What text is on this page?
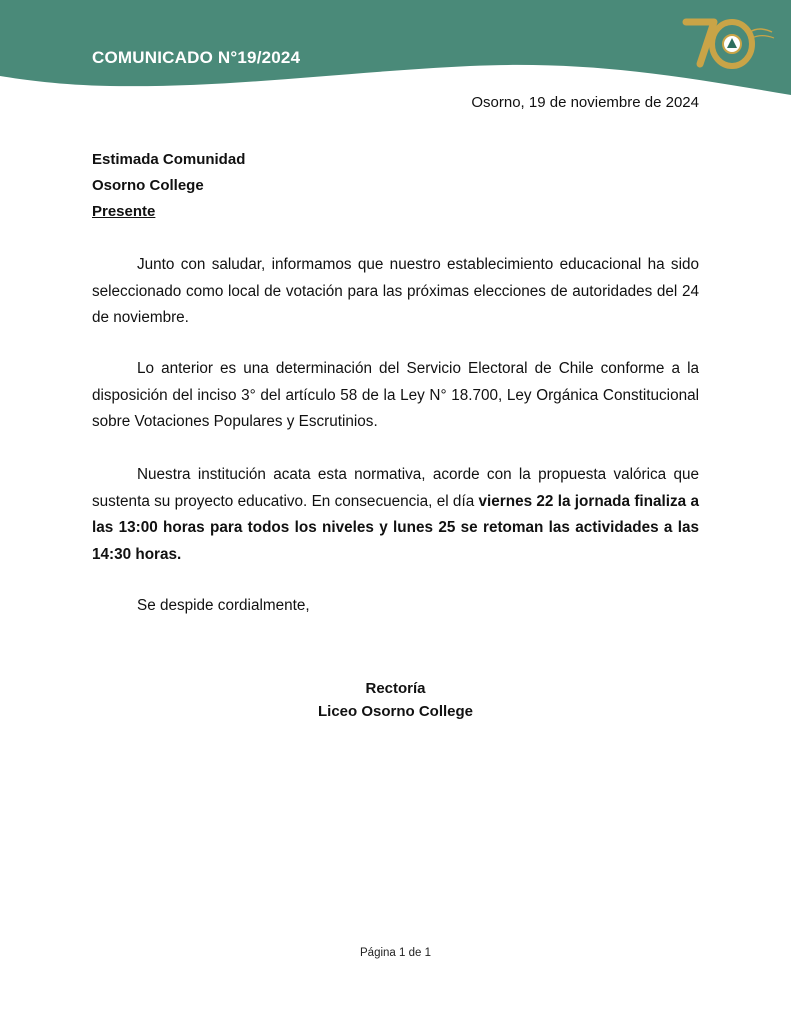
COMUNICADO N°19/2024
Osorno, 19 de noviembre de 2024
Estimada Comunidad
Osorno College
Presente

Junto con saludar, informamos que nuestro establecimiento educacional ha sido seleccionado como local de votación para las próximas elecciones de autoridades del 24 de noviembre.

Lo anterior es una determinación del Servicio Electoral de Chile conforme a la disposición del inciso 3° del artículo 58 de la Ley N° 18.700, Ley Orgánica Constitucional sobre Votaciones Populares y Escrutinios.

Nuestra institución acata esta normativa, acorde con la propuesta valórica que sustenta su proyecto educativo. En consecuencia, el día viernes 22 la jornada finaliza a las 13:00 horas para todos los niveles y lunes 25 se retoman las actividades a las 14:30 horas.

Se despide cordialmente,

Rectoría
Liceo Osorno College
Página 1 de 1
